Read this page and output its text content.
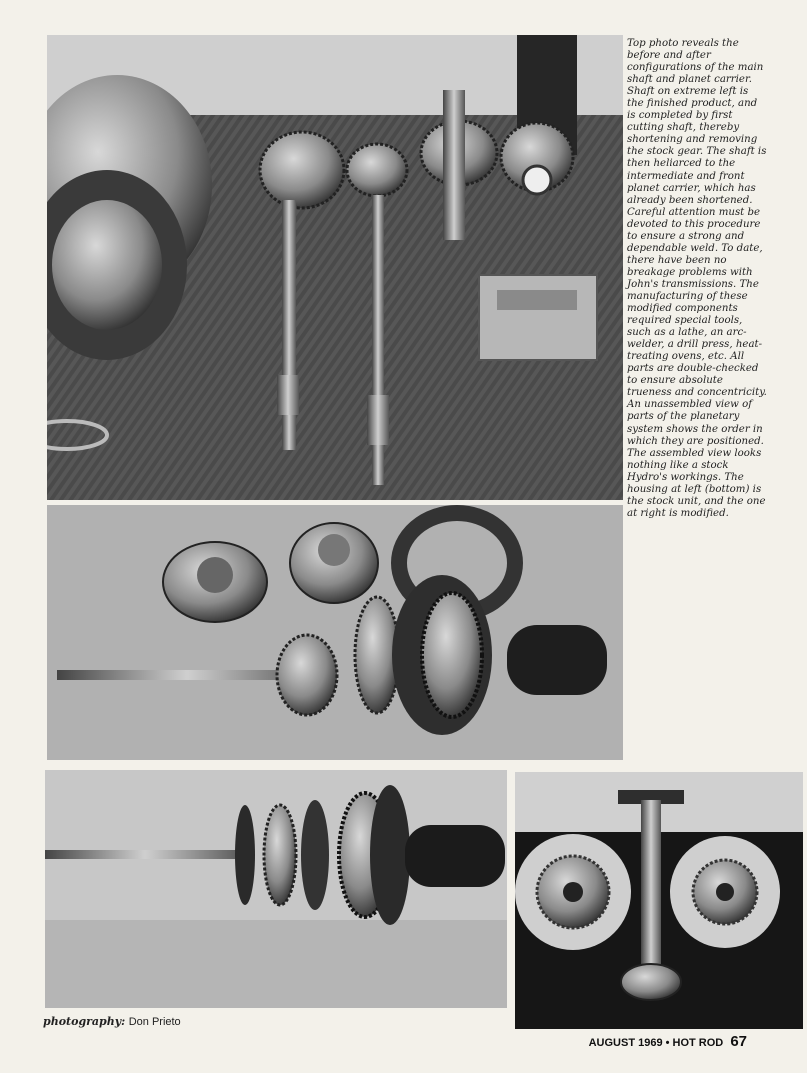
Top photo reveals the before and after configurations of the main shaft and planet carrier. Shaft on extreme left is the finished product, and is completed by first cutting shaft, thereby shortening and removing the stock gear. The shaft is then heliarced to the intermediate and front planet carrier, which has already been shortened. Careful attention must be devoted to this procedure to ensure a strong and dependable weld. To date, there have been no breakage problems with John's transmissions. The manufacturing of these modified components required special tools, such as a lathe, an arc-welder, a drill press, heat-treating ovens, etc. All parts are double-checked to ensure absolute trueness and concentricity. An unassembled view of parts of the planetary system shows the order in which they are positioned. The assembled view looks nothing like a stock Hydro's workings. The housing at left (bottom) is the stock unit, and the one at right is modified.

photography: Don Prieto
AUGUST 1969 • HOT ROD 67
